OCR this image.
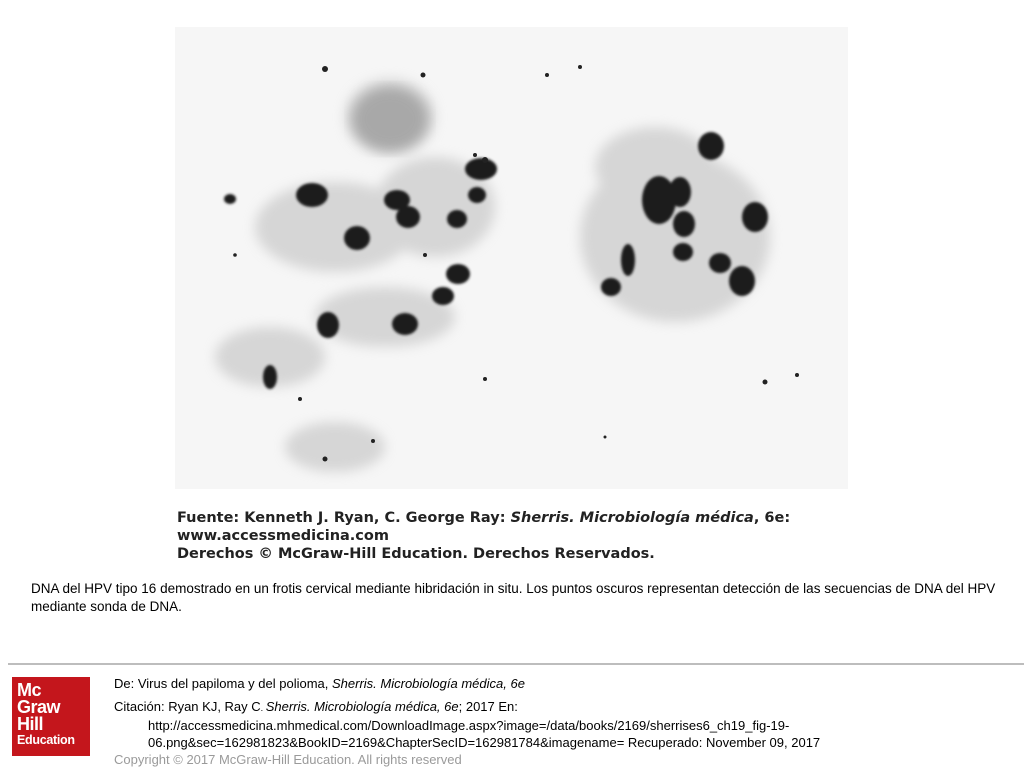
Fuente: Kenneth J. Ryan, C. George Ray: Sherris. Microbiología médica, 6e:
www.accessmedicina.com
Derechos © McGraw-Hill Education. Derechos Reservados.
DNA del HPV tipo 16 demostrado en un frotis cervical mediante hibridación in situ. Los puntos oscuros representan detección de las secuencias de DNA del HPV mediante sonda de DNA.
Mc
Graw
Hill
Education
De: Virus del papiloma y del polioma, Sherris. Microbiología médica, 6e
Citación: Ryan KJ, Ray C. Sherris. Microbiología médica, 6e; 2017 En:
http://accessmedicina.mhmedical.com/DownloadImage.aspx?image=/data/books/2169/sherrises6_ch19_fig-19-
06.png&sec=162981823&BookID=2169&ChapterSecID=162981784&imagename= Recuperado: November 09, 2017
Copyright © 2017 McGraw-Hill Education. All rights reserved
